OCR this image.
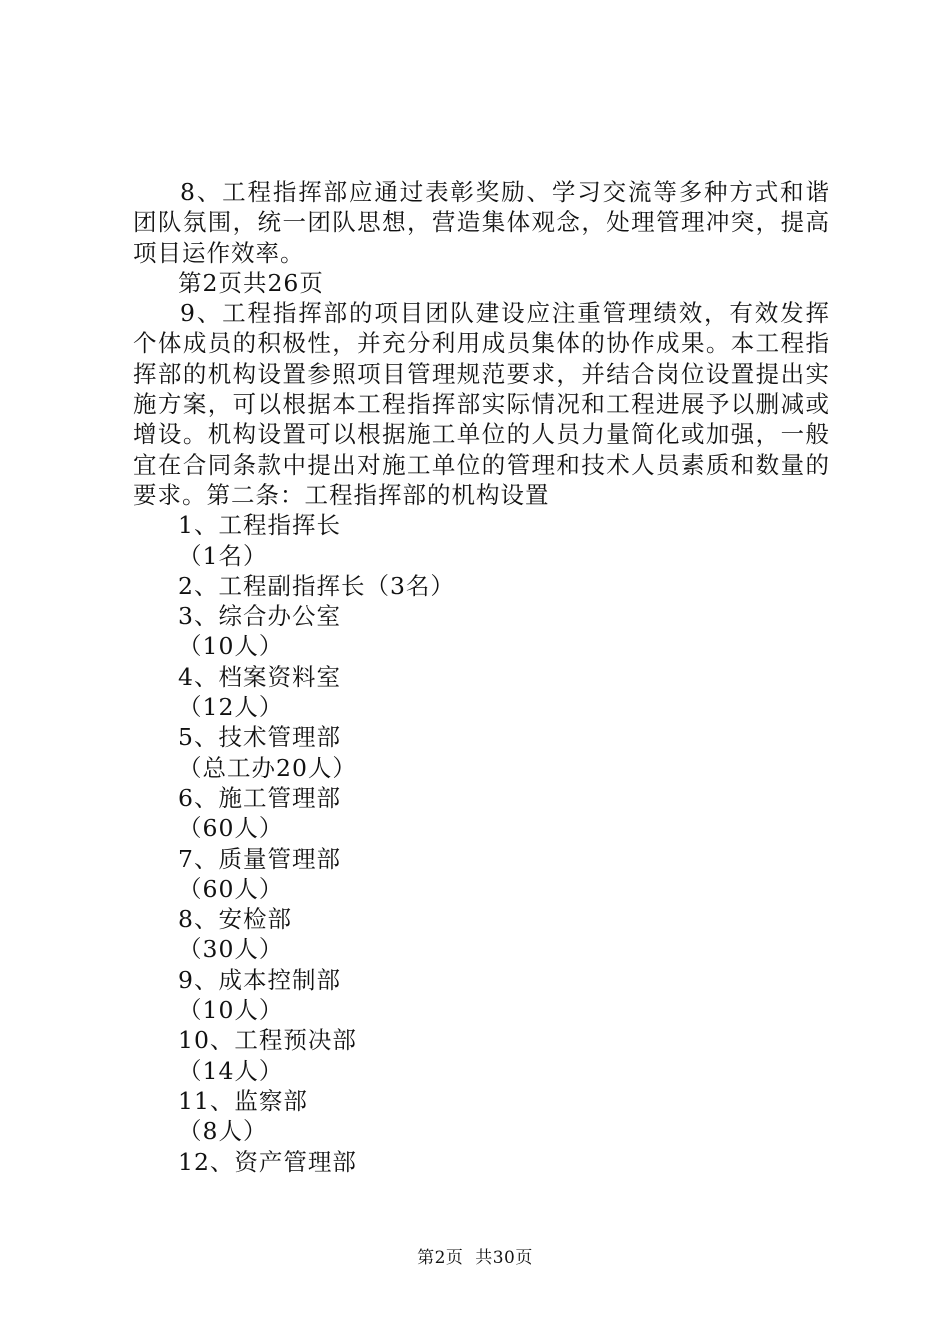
8、工程指挥部应通过表彰奖励、学习交流等多种方式和谐团队氛围，统一团队思想，营造集体观念，处理管理冲突，提高项目运作效率。

第2页共26页

9、工程指挥部的项目团队建设应注重管理绩效，有效发挥个体成员的积极性，并充分利用成员集体的协作成果。本工程指挥部的机构设置参照项目管理规范要求，并结合岗位设置提出实施方案，可以根据本工程指挥部实际情况和工程进展予以删减或增设。机构设置可以根据施工单位的人员力量简化或加强，一般宜在合同条款中提出对施工单位的管理和技术人员素质和数量的要求。第二条：工程指挥部的机构设置

1、工程指挥长

（1名）

2、工程副指挥长（3名）

3、综合办公室

（10人）

4、档案资料室

（12人）

5、技术管理部

（总工办20人）

6、施工管理部

（60人）

7、质量管理部

（60人）

8、安检部

（30人）

9、成本控制部

（10人）

10、工程预决部

（14人）

11、监察部

（8人）

12、资产管理部

第2页  共30页
